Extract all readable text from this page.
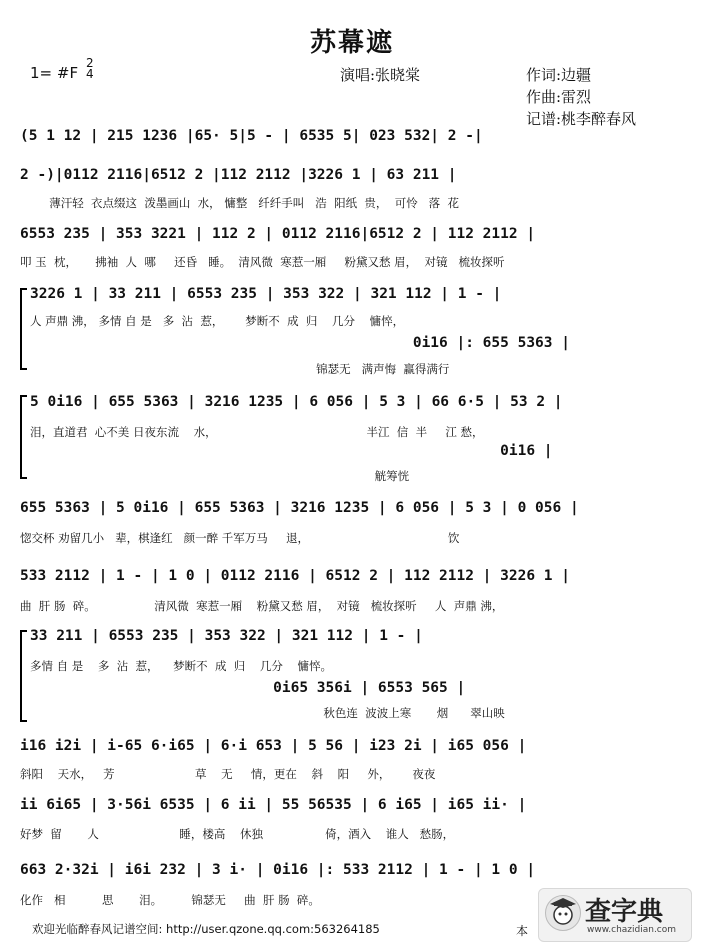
苏幕遮
1= #F
2
4	演唱:张晓棠	作词:边疆
作曲:雷烈
记谱:桃李醉春风
(5 1 12 | 215 1236 |65· 5|5 - | 6535 5| 023 532| 2 -|
2 -)|0112 2116|6512 2 |112 2112 |3226 1 | 63 211 |
薄汗轻  衣点缀这  泼墨画山  水， 慵整   纤纤手叫   浩  阳纸  贵，  可怜   落  花
6553 235 | 353 3221 | 112 2 | 0112 2116|6512 2 | 112 2112 |
叩 玉  枕，     拂袖  人  哪     还昏   睡。  清风微  寒惹一厢     粉黛又愁 眉，  对镜   梳妆探听
3226 1 | 33 211 | 6553 235 | 353 322 | 321 112 | 1 - |
人 声鼎 沸， 多情 自 是   多  沾  惹，      梦断不  成  归    几分    慵悴，
0i16 |: 655 5363 |
锦瑟无   满声悔  赢得满行
5 0i16 | 655 5363 | 3216 1235 | 6 056 | 5 3 | 66 6·5 | 53 2 |
泪，直道君  心不美 日夜东流    水，                                         半江  信  半     江 愁，
0i16 |
觥筹恍
655 5363 | 5 0i16 | 655 5363 | 3216 1235 | 6 056 | 5 3 | 0 056 |
惚交杯 劝留几小   辈，棋逢红   颜一醉 千军万马     退，                                      饮
533 2112 | 1 - | 1 0 | 0112 2116 | 6512 2 | 112 2112 | 3226 1 |
曲  肝 肠  碎。                清风微  寒惹一厢    粉黛又愁 眉，  对镜   梳妆探听     人  声鼎 沸，
33 211 | 6553 235 | 353 322 | 321 112 | 1 - |
多情 自 是    多  沾  惹，    梦断不  成  归    几分    慵悴。
0i65 356i | 6553 565 |
秋色连  波波上寒       烟      翠山映
i16 i2i | i-65 6·i65 | 6·i 653 | 5 56 | i23 2i | i65 056 |
斜阳    天水，   芳                      草    无     情，更在    斜    阳     外，      夜夜
ii 6i65 | 3·56i 6535 | 6 ii | 55 56535 | 6 i65 | i65 ii· |
好梦  留       人                      睡，楼高    休独                 倚，酒入    谁人   愁肠，
663 2·32i | i6i 232 | 3 i· | 0i16 |: 533 2112 | 1 - | 1 0 |
化作   相          思       泪。        锦瑟无     曲  肝 肠  碎。
欢迎光临醉春风记谱空间: http://user.qzone.qq.com:563264185	本
查字典
www.chazidian.com
